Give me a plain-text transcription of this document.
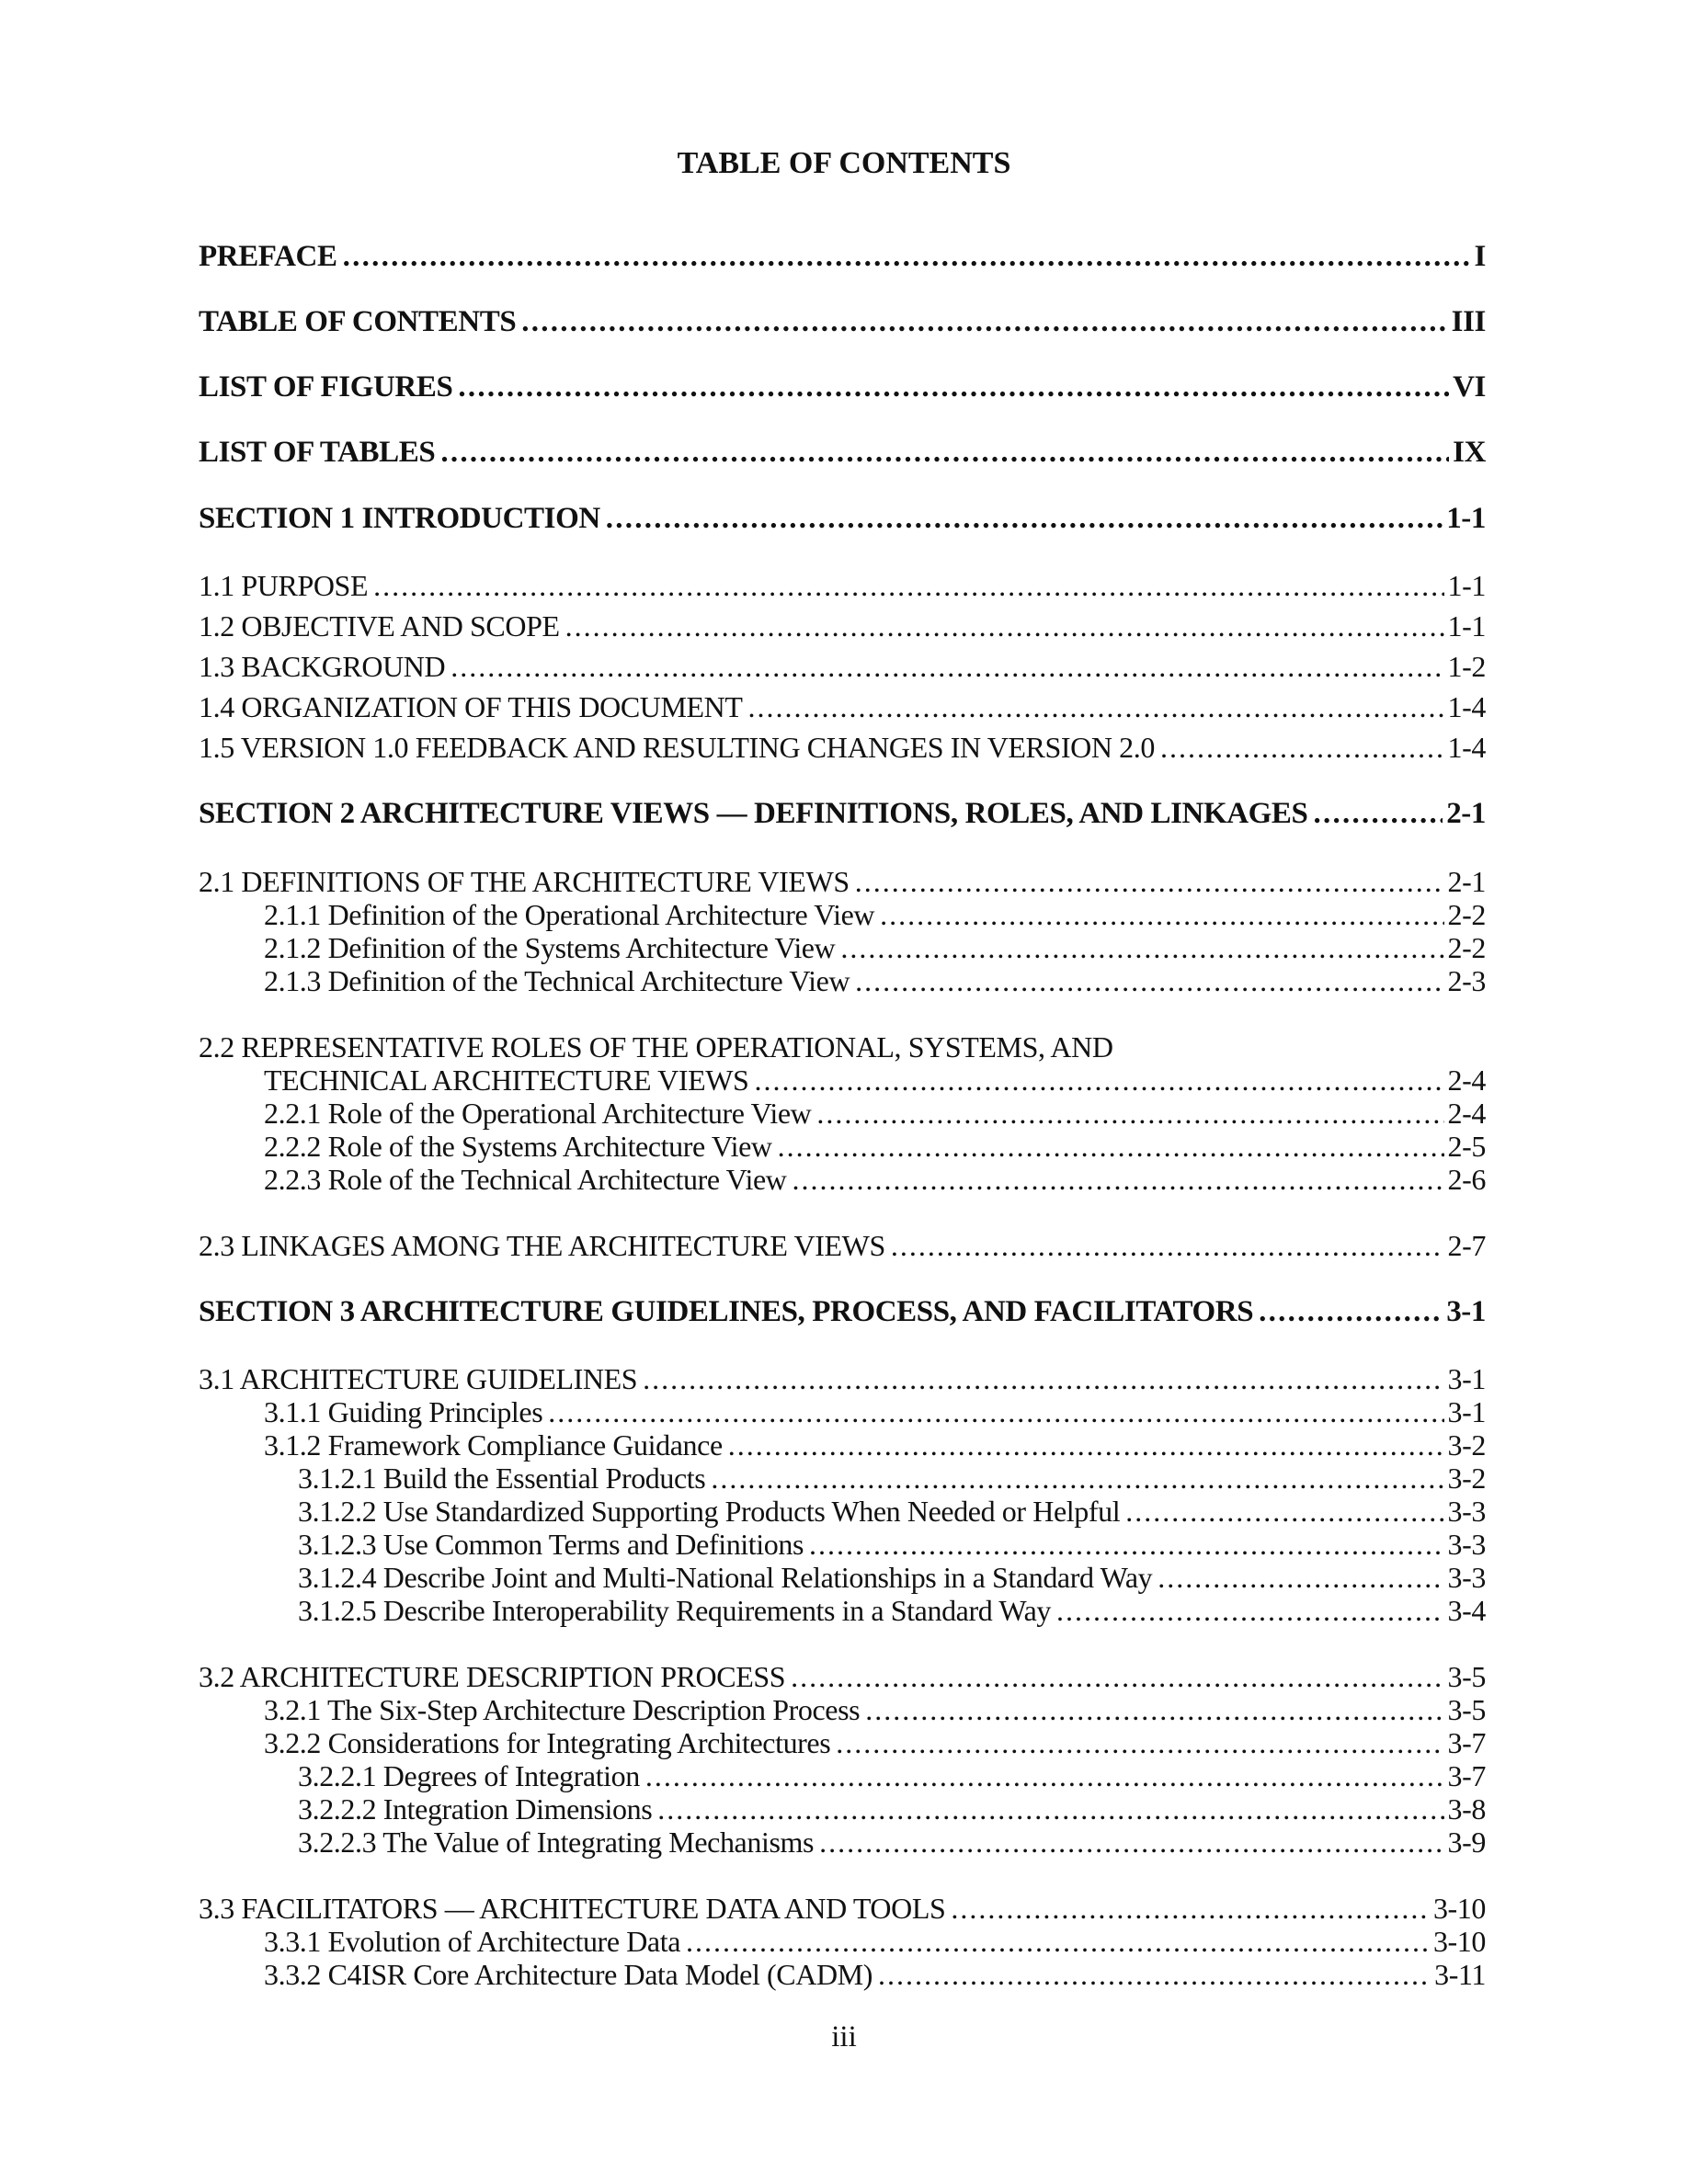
TABLE OF CONTENTS
PREFACE . . .	I
TABLE OF CONTENTS . . .	III
LIST OF FIGURES . . .	VI
LIST OF TABLES . . .	IX
SECTION 1 INTRODUCTION . . .	1-1
1.1 PURPOSE . . .	1-1
1.2 OBJECTIVE AND SCOPE . . .	1-1
1.3 BACKGROUND . . .	1-2
1.4 ORGANIZATION OF THIS DOCUMENT . . .	1-4
1.5 VERSION 1.0 FEEDBACK AND RESULTING CHANGES IN VERSION 2.0 . . .	1-4
SECTION 2 ARCHITECTURE VIEWS — DEFINITIONS, ROLES, AND LINKAGES . . .	2-1
2.1 DEFINITIONS OF THE ARCHITECTURE VIEWS . . .	2-1
2.1.1 Definition of the Operational Architecture View . . .	2-2
2.1.2 Definition of the Systems Architecture View . . .	2-2
2.1.3 Definition of the Technical Architecture View . . .	2-3
2.2 REPRESENTATIVE ROLES OF THE OPERATIONAL, SYSTEMS, AND
TECHNICAL ARCHITECTURE VIEWS . . .	2-4
2.2.1 Role of the Operational Architecture View . . .	2-4
2.2.2 Role of the Systems Architecture View . . .	2-5
2.2.3 Role of the Technical Architecture View . . .	2-6
2.3 LINKAGES AMONG THE ARCHITECTURE VIEWS . . .	2-7
SECTION 3 ARCHITECTURE GUIDELINES, PROCESS, AND FACILITATORS . . .	3-1
3.1 ARCHITECTURE GUIDELINES . . .	3-1
3.1.1 Guiding Principles . . .	3-1
3.1.2 Framework Compliance Guidance . . .	3-2
3.1.2.1 Build the Essential Products . . .	3-2
3.1.2.2 Use Standardized Supporting Products When Needed or Helpful . . .	3-3
3.1.2.3 Use Common Terms and Definitions . . .	3-3
3.1.2.4 Describe Joint and Multi-National Relationships in a Standard Way . . .	3-3
3.1.2.5 Describe Interoperability Requirements in a Standard Way . . .	3-4
3.2 ARCHITECTURE DESCRIPTION PROCESS . . .	3-5
3.2.1 The Six-Step Architecture Description Process . . .	3-5
3.2.2 Considerations for Integrating Architectures . . .	3-7
3.2.2.1 Degrees of Integration . . .	3-7
3.2.2.2 Integration Dimensions . . .	3-8
3.2.2.3 The Value of Integrating Mechanisms . . .	3-9
3.3 FACILITATORS — ARCHITECTURE DATA AND TOOLS . . .	3-10
3.3.1 Evolution of Architecture Data . . .	3-10
3.3.2 C4ISR Core Architecture Data Model (CADM) . . .	3-11
iii
